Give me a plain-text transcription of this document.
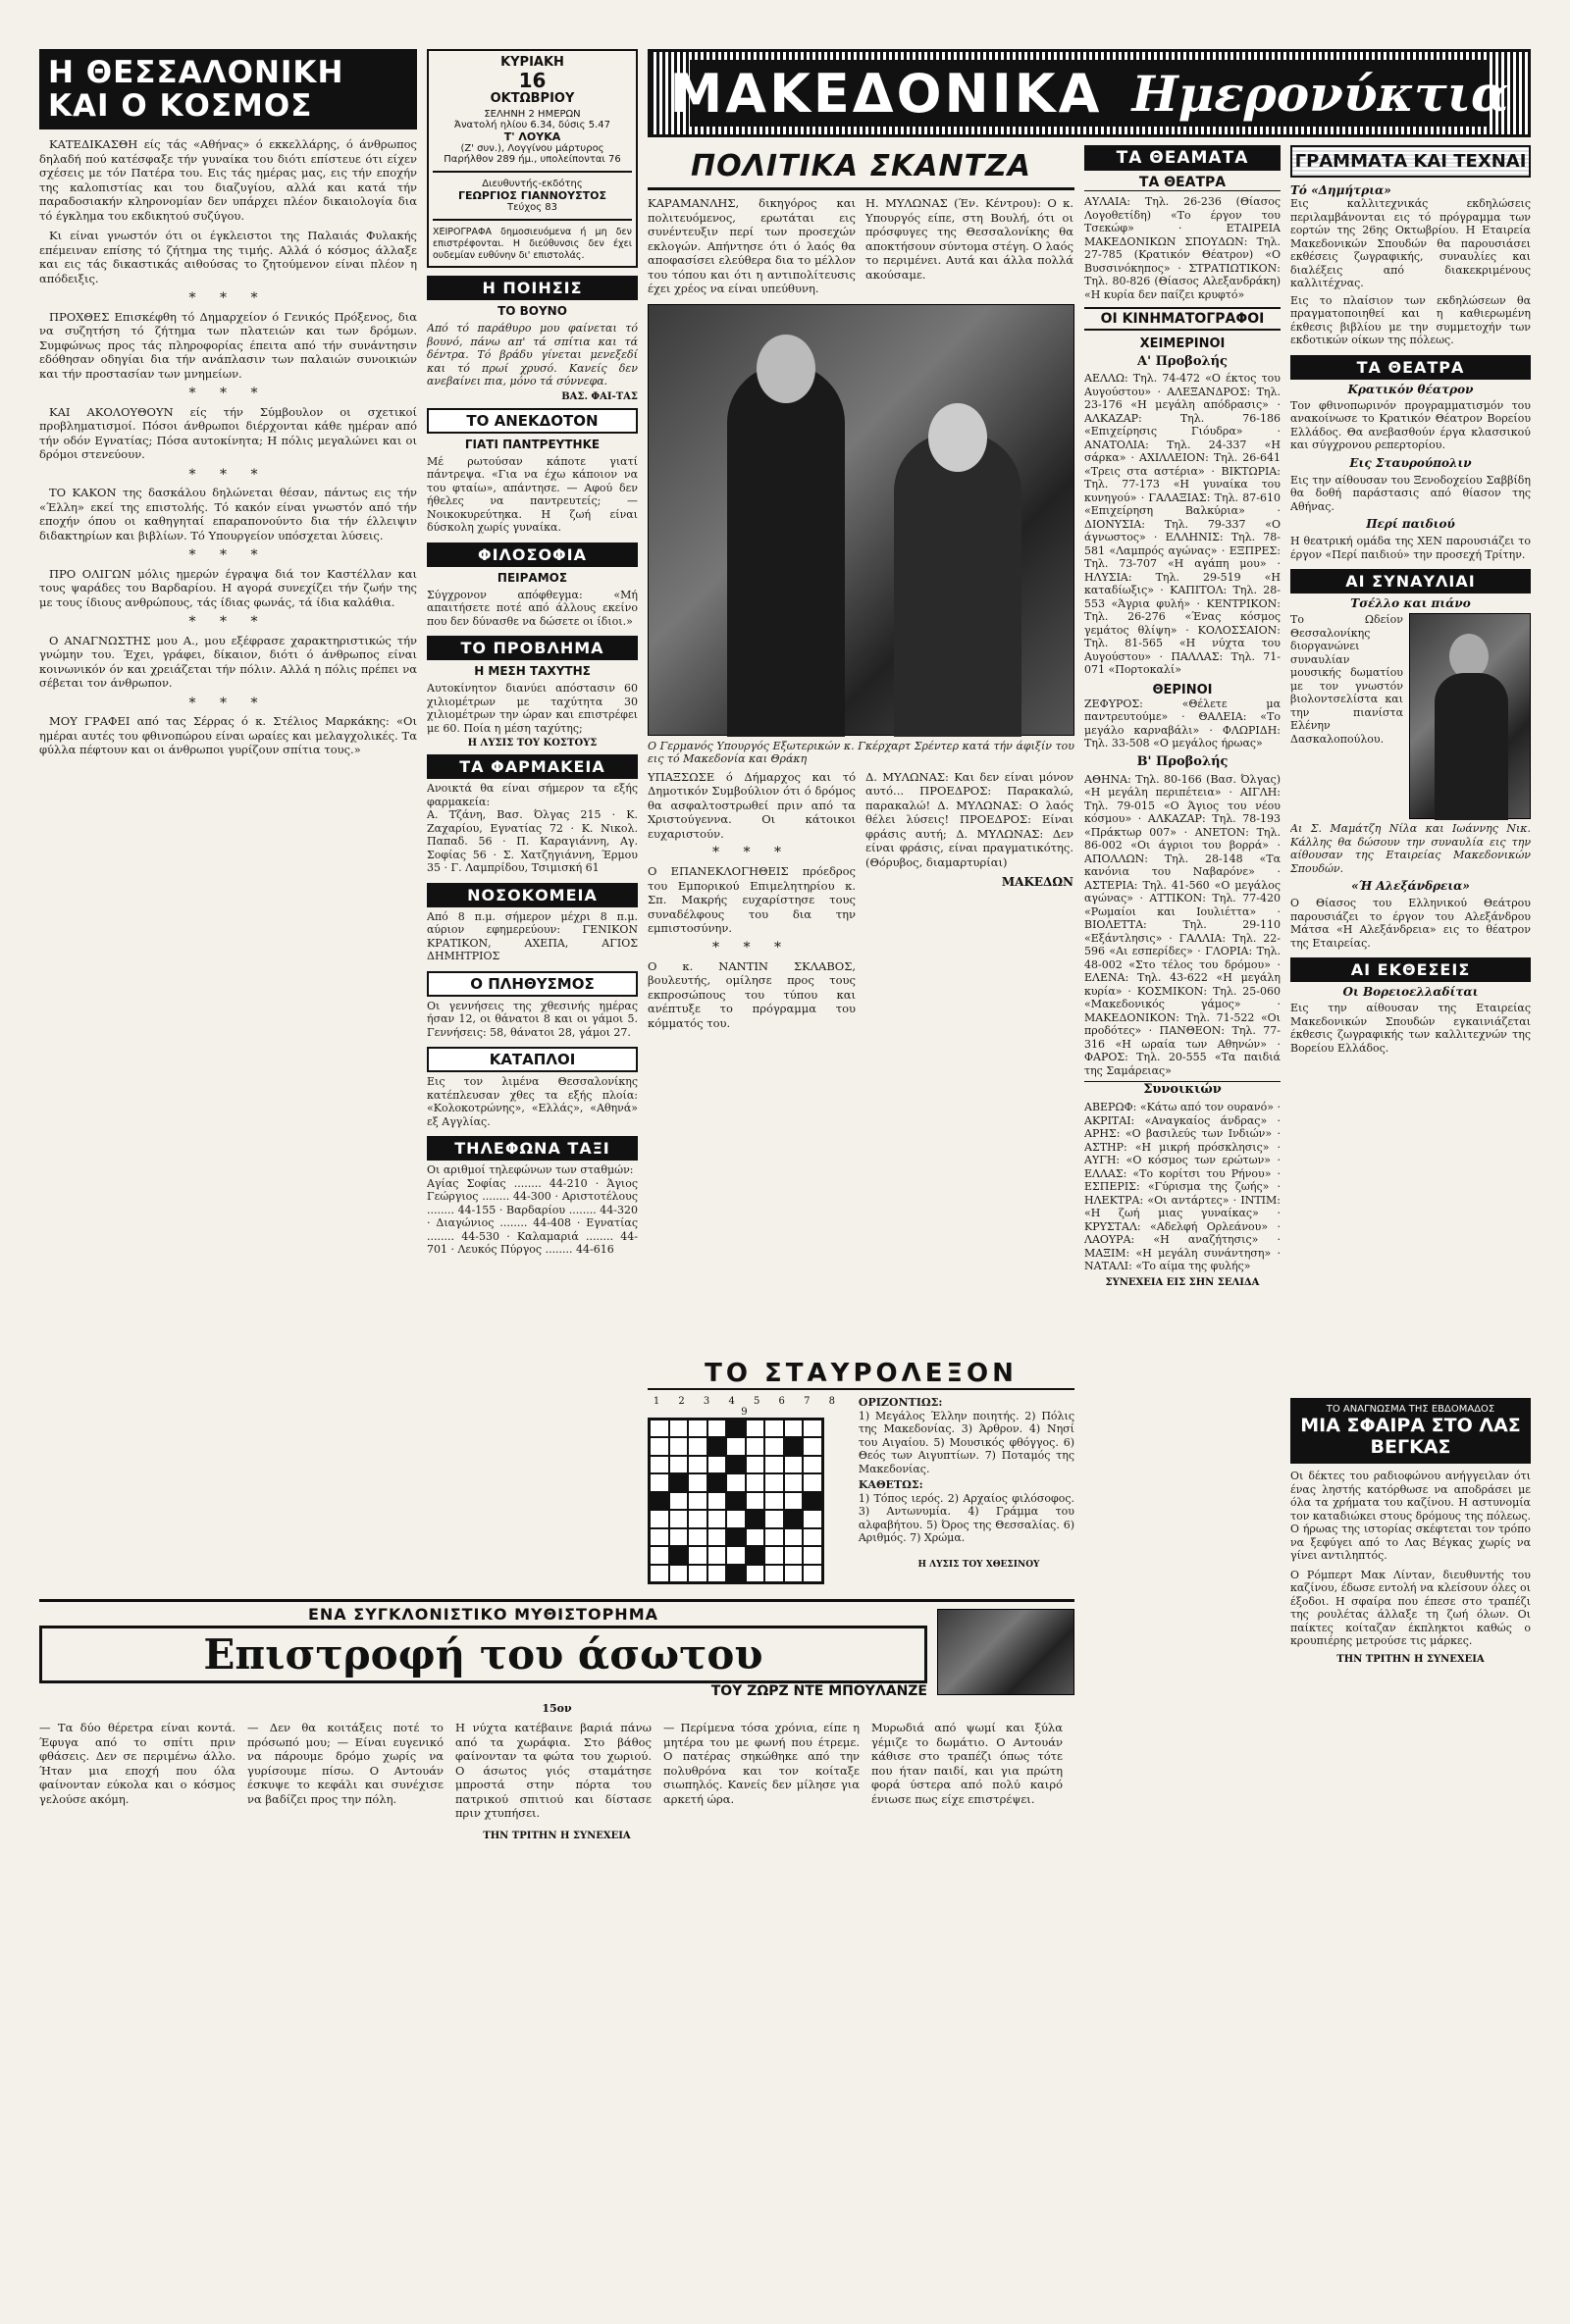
Η ΘΕΣΣΑΛΟΝΙΚΗ
ΚΑΙ Ο ΚΟΣΜΟΣ

ΚΑΤΕΔΙΚΑΣΘΗ είς τάς «Αθήνας» ό εκκελλάρης, ό άνθρωπος δηλαδή πού κατέσφαξε τήν γυναίκα του διότι επίστευε ότι είχεν σχέσεις με τόν Πατέρα του. Εις τάς ημέρας μας, εις τήν εποχήν της καλοπιστίας και του διαζυγίου, αλλά και κατά τήν παραδοσιακήν κληρονομίαν δεν υπάρχει πλέον δικαιολογία δια τό έγκλημα του εκδικητού συζύγου.

Κι είναι γνωστόν ότι οι έγκλειστοι της Παλαιάς Φυλακής επέμειναν επίσης τό ζήτημα της τιμής. Αλλά ό κόσμος άλλαξε και εις τάς δικαστικάς αιθούσας το ζητούμενον είναι πλέον η απόδειξις.

* * *

ΠΡΟΧΘΕΣ Επισκέφθη τό Δημαρχείον ό Γενικός Πρόξενος, δια να συζητήση τό ζήτημα των πλατειών και των δρόμων. Συμφώνως προς τάς πληροφορίας έπειτα από τήν συνάντησιν εδόθησαν οδηγίαι δια τήν ανάπλασιν των παλαιών συνοικιών και τήν προστασίαν των μνημείων.

* * *

ΚΑΙ ΑΚΟΛΟΥΘΟΥΝ είς τήν Σύμβουλον οι σχετικοί προβληματισμοί. Πόσοι άνθρωποι διέρχονται κάθε ημέραν από τήν οδόν Εγνατίας; Πόσα αυτοκίνητα; Η πόλις μεγαλώνει και οι δρόμοι στενεύουν.

* * *

ΤΟ ΚΑΚΟΝ της δασκάλου δηλώνεται θέσαν, πάντως εις τήν «Έλλη» εκεί της επιστολής. Τό κακόν είναι γνωστόν από τήν εποχήν όπου οι καθηγηταί επαραπονούντο δια τήν έλλειψιν διδακτηρίων και βιβλίων. Τό Υπουργείον υπόσχεται λύσεις.

* * *

ΠΡΟ ΟΛΙΓΩΝ μόλις ημερών έγραψα διά τον Καστέλλαν και τους ψαράδες του Βαρδαρίου. Η αγορά συνεχίζει τήν ζωήν της με τους ίδιους ανθρώπους, τάς ίδιας φωνάς, τά ίδια καλάθια.

* * *

Ο ΑΝΑΓΝΩΣΤΗΣ μου Α., μου εξέφρασε χαρακτηριστικώς τήν γνώμην του. Έχει, γράφει, δίκαιον, διότι ό άνθρωπος είναι κοινωνικόν όν και χρειάζεται τήν πόλιν. Αλλά η πόλις πρέπει να σέβεται τον άνθρωπον.

* * *

ΜΟΥ ΓΡΑΦΕΙ από τας Σέρρας ό κ. Στέλιος Μαρκάκης: «Οι ημέραι αυτές του φθινοπώρου είναι ωραίες και μελαγχολικές. Τα φύλλα πέφτουν και οι άνθρωποι γυρίζουν σπίτια τους.»

ΚΥΡΙΑΚΗ
16
ΟΚΤΩΒΡΙΟΥ
ΣΕΛΗΝΗ 2 ΗΜΕΡΩΝ
Άνατολή ηλίου 6.34, δύσις 5.47
Τ' ΛΟΥΚΑ
(Ζ' συν.), Λογγίνου μάρτυρος
Παρήλθον 289 ήμ., υπολείπονται 76
Διευθυντής-εκδότης
ΓΕΩΡΓΙΟΣ ΓΙΑΝΝΟΥΣΤΟΣ
Τεύχος 83
ΧΕΙΡΟΓΡΑΦΑ δημοσιευόμενα ή μη δεν επιστρέφονται. Η διεύθυνσις δεν έχει ουδεμίαν ευθύνην δι' επιστολάς.
Η ΠΟΙΗΣΙΣ
ΤΟ ΒΟΥΝΟ
Από τό παράθυρο μου φαίνεται τό βουνό, πάνω απ' τά σπίτια και τά δέντρα. Τό βράδυ γίνεται μενεξεδί και τό πρωί χρυσό. Κανείς δεν ανεβαίνει πια, μόνο τά σύννεφα.
ΒΑΣ. ΦΑΙ-ΤΑΣ
ΤΟ ΑΝΕΚΔΟΤΟΝ
ΓΙΑΤΙ ΠΑΝΤΡΕΥΤΗΚΕ
Μέ ρωτούσαν κάποτε γιατί πάντρεψα. «Για να έχω κάποιον να του φταίω», απάντησε. — Αφού δεν ήθελες να παντρευτείς; — Νοικοκυρεύτηκα. Η ζωή είναι δύσκολη χωρίς γυναίκα.
ΦΙΛΟΣΟΦΙΑ
ΠΕΙΡΑΜΟΣ
Σύγχρονον απόφθεγμα: «Μή απαιτήσετε ποτέ από άλλους εκείνο που δεν δύνασθε να δώσετε οι ίδιοι.»
ΤΟ ΠΡΟΒΛΗΜΑ
Η ΜΕΣΗ ΤΑΧΥΤΗΣ
Αυτοκίνητον διανύει απόστασιν 60 χιλιομέτρων με ταχύτητα 30 χιλιομέτρων την ώραν και επιστρέφει με 60. Ποία η μέση ταχύτης;
Η ΛΥΣΙΣ ΤΟΥ ΚΟΣΤΟΥΣ
ΤΑ ΦΑΡΜΑΚΕΙΑ
Ανοικτά θα είναι σήμερον τα εξής φαρμακεία:
Α. Τζάνη, Βασ. Όλγας 215 · Κ. Ζαχαρίου, Εγνατίας 72 · Κ. Νικολ. Παπαδ. 56 · Π. Καραγιάννη, Αγ. Σοφίας 56 · Σ. Χατζηγιάννη, Έρμου 35 · Γ. Λαμπρίδου, Τσιμισκή 61
ΝΟΣΟΚΟΜΕΙΑ
Από 8 π.μ. σήμερον μέχρι 8 π.μ. αύριον εφημερεύουν: ΓΕΝΙΚΟΝ ΚΡΑΤΙΚΟΝ, ΑΧΕΠΑ, ΑΓΙΟΣ ΔΗΜΗΤΡΙΟΣ
Ο ΠΛΗΘΥΣΜΟΣ
Οι γεννήσεις της χθεσινής ημέρας ήσαν 12, οι θάνατοι 8 και οι γάμοι 5. Γεννήσεις: 58, θάνατοι 28, γάμοι 27.
ΚΑΤΑΠΛΟΙ
Εις τον λιμένα Θεσσαλονίκης κατέπλευσαν χθες τα εξής πλοία: «Κολοκοτρώνης», «Ελλάς», «Αθηνά» εξ Αγγλίας.
ΤΗΛΕΦΩΝΑ ΤΑΞΙ
Οι αριθμοί τηλεφώνων των σταθμών:
Αγίας Σοφίας ........ 44-210 · Άγιος Γεώργιος ........ 44-300 · Αριστοτέλους ........ 44-155 · Βαρδαρίου ........ 44-320 · Διαγώνιος ........ 44-408 · Εγνατίας ........ 44-530 · Καλαμαριά ........ 44-701 · Λευκός Πύργος ........ 44-616
ΜΑΚΕΔΟΝΙΚΑ Ημερονύκτια
ΠΟΛΙΤΙΚΑ ΣΚΑΝΤΖΑ
ΚΑΡΑΜΑΝΛΗΣ, δικηγόρος και πολιτευόμενος, ερωτάται εις συνέντευξιν περί των προσεχών εκλογών. Απήντησε ότι ό λαός θα αποφασίσει ελεύθερα δια το μέλλον του τόπου και ότι η αντιπολίτευσις έχει χρέος να είναι υπεύθυνη.
Η. ΜΥΛΩΝΑΣ (Έν. Κέντρου): Ο κ. Υπουργός είπε, στη Βουλή, ότι οι πρόσφυγες της Θεσσαλονίκης θα αποκτήσουν σύντομα στέγη. Ο λαός το περιμένει. Αυτά και άλλα πολλά ακούσαμε.
Ο Γερμανός Υπουργός Εξωτερικών κ. Γκέρχαρτ Σρέντερ κατά τήν άφιξίν του εις τό Μακεδονία και Θράκη
ΥΠΑΞΣΩΣΕ ό Δήμαρχος και τό Δημοτικόν Συμβούλιον ότι ό δρόμος θα ασφαλτοστρωθεί πριν από τα Χριστούγεννα. Οι κάτοικοι ευχαριστούν.
* * *
Ο ΕΠΑΝΕΚΛΟΓΗΘΕΙΣ πρόεδρος του Εμπορικού Επιμελητηρίου κ. Σπ. Μακρής ευχαρίστησε τους συναδέλφους του δια την εμπιστοσύνην.
* * *
Ο κ. ΝΑΝΤΙΝ ΣΚΛΑΒΟΣ, βουλευτής, ομίλησε προς τους εκπροσώπους του τύπου και ανέπτυξε το πρόγραμμα του κόμματός του.
Δ. ΜΥΛΩΝΑΣ: Και δεν είναι μόνον αυτό... ΠΡΟΕΔΡΟΣ: Παρακαλώ, παρακαλώ! Δ. ΜΥΛΩΝΑΣ: Ο λαός θέλει λύσεις! ΠΡΟΕΔΡΟΣ: Είναι φράσις αυτή; Δ. ΜΥΛΩΝΑΣ: Δεν είναι φράσις, είναι πραγματικότης. (Θόρυβος, διαμαρτυρίαι)
ΜΑΚΕΔΩΝ
ΤΟ ΣΤΑΥΡΟΛΕΞΟΝ
1 2 3 4 5 6 7 8 9
ΟΡΙΖΟΝΤΙΩΣ:
1) Μεγάλος Έλλην ποιητής. 2) Πόλις της Μακεδονίας. 3) Άρθρον. 4) Νησί του Αιγαίου. 5) Μουσικός φθόγγος. 6) Θεός των Αιγυπτίων. 7) Ποταμός της Μακεδονίας.
ΚΑΘΕΤΩΣ:
1) Τόπος ιερός. 2) Αρχαίος φιλόσοφος. 3) Αντωνυμία. 4) Γράμμα του αλφαβήτου. 5) Όρος της Θεσσαλίας. 6) Αριθμός. 7) Χρώμα.
ΤΑ ΘΕΑΜΑΤΑ
ΤΑ ΘΕΑΤΡΑ
ΑΥΛΑΙΑ: Τηλ. 26-236 (Θίασος Λογοθετίδη) «Το έργον του Τσεκώφ» · ΕΤΑΙΡΕΙΑ ΜΑΚΕΔΟΝΙΚΩΝ ΣΠΟΥΔΩΝ: Τηλ. 27-785 (Κρατικόν Θέατρον) «Ο Βυσσινόκηπος» · ΣΤΡΑΤΙΩΤΙΚΟΝ: Τηλ. 80-826 (Θίασος Αλεξανδράκη) «Η κυρία δεν παίζει κρυφτό»
ΟΙ ΚΙΝΗΜΑΤΟΓΡΑΦΟΙ
ΧΕΙΜΕΡΙΝΟΙ
Α' Προβολής
ΑΕΛΛΩ: Τηλ. 74-472 «Ο έκτος του Αυγούστου» · ΑΛΕΞΑΝΔΡΟΣ: Τηλ. 23-176 «Η μεγάλη απόδρασις» · ΑΛΚΑΖΑΡ: Τηλ. 76-186 «Επιχείρησις Γιόυδρα» · ΑΝΑΤΟΛΙΑ: Τηλ. 24-337 «Η σάρκα» · ΑΧΙΛΛΕΙΟΝ: Τηλ. 26-641 «Τρεις στα αστέρια» · ΒΙΚΤΩΡΙΑ: Τηλ. 77-173 «Η γυναίκα του κυνηγού» · ΓΑΛΑΞΙΑΣ: Τηλ. 87-610 «Επιχείρηση Βαλκύρια» · ΔΙΟΝΥΣΙΑ: Τηλ. 79-337 «Ο άγνωστος» · ΕΛΛΗΝΙΣ: Τηλ. 78-581 «Λαμπρός αγώνας» · ΕΞΠΡΕΣ: Τηλ. 73-707 «Η αγάπη μου» · ΗΛΥΣΙΑ: Τηλ. 29-519 «Η καταδίωξις» · ΚΑΠΙΤΟΛ: Τηλ. 28-553 «Άγρια φυλή» · ΚΕΝΤΡΙΚΟΝ: Τηλ. 26-276 «Ένας κόσμος γεμάτος θλίψη» · ΚΟΛΟΣΣΑΙΟΝ: Τηλ. 81-565 «Η νύχτα του Αυγούστου» · ΠΑΛΛΑΣ: Τηλ. 71-071 «Πορτοκαλί»
ΘΕΡΙΝΟΙ
ΖΕΦΥΡΟΣ: «Θέλετε μα παντρευτούμε» · ΘΑΛΕΙΑ: «Το μεγάλο καρναβάλι» · ΦΛΩΡΙΔΗ: Τηλ. 33-508 «Ο μεγάλος ήρωας»
Β' Προβολής
ΑΘΗΝΑ: Τηλ. 80-166 (Βασ. Όλγας) «Η μεγάλη περιπέτεια» · ΑΙΓΛΗ: Τηλ. 79-015 «Ο Άγιος του νέου κόσμου» · ΑΛΚΑΖΑΡ: Τηλ. 78-193 «Πράκτωρ 007» · ΑΝΕΤΟΝ: Τηλ. 86-002 «Οι άγριοι του βορρά» · ΑΠΟΛΛΩΝ: Τηλ. 28-148 «Τα κανόνια του Ναβαρόνε» · ΑΣΤΕΡΙΑ: Τηλ. 41-560 «Ο μεγάλος αγώνας» · ΑΤΤΙΚΟΝ: Τηλ. 77-420 «Ρωμαίοι και Ιουλιέττα» · ΒΙΟΛΕΤΤΑ: Τηλ. 29-110 «Εξάντλησις» · ΓΑΛΛΙΑ: Τηλ. 22-596 «Αι εσπερίδες» · ΓΛΟΡΙΑ: Τηλ. 48-002 «Στο τέλος του δρόμου» · ΕΛΕΝΑ: Τηλ. 43-622 «Η μεγάλη κυρία» · ΚΟΣΜΙΚΟΝ: Τηλ. 25-060 «Μακεδονικός γάμος» · ΜΑΚΕΔΟΝΙΚΟΝ: Τηλ. 71-522 «Οι προδότες» · ΠΑΝΘΕΟΝ: Τηλ. 77-316 «Η ωραία των Αθηνών» · ΦΑΡΟΣ: Τηλ. 20-555 «Τα παιδιά της Σαμάρειας»
Συνοικιών
ΑΒΕΡΩΦ: «Κάτω από τον ουρανό» · ΑΚΡΙΤΑΙ: «Αναγκαίος άνδρας» · ΑΡΗΣ: «Ο βασιλεύς των Ινδιών» · ΑΣΤΗΡ: «Η μικρή πρόσκλησις» · ΑΥΓΗ: «Ο κόσμος των ερώτων» · ΕΛΛΑΣ: «Το κορίτσι του Ρήνου» · ΕΣΠΕΡΙΣ: «Γύρισμα της ζωής» · ΗΛΕΚΤΡΑ: «Οι αντάρτες» · ΙΝΤΙΜ: «Η ζωή μιας γυναίκας» · ΚΡΥΣΤΑΛ: «Αδελφή Ορλεάνου» · ΛΑΟΥΡΑ: «Η αναζήτησις» · ΜΑΞΙΜ: «Η μεγάλη συνάντηση» · ΝΑΤΑΛΙ: «Το αίμα της φυλής»
ΣΥΝΕΧΕΙΑ ΕΙΣ ΣΗΝ ΣΕΛΙΔΑ
ΓΡΑΜΜΑΤΑ ΚΑΙ ΤΕΧΝΑΙ
Τό «Δημήτρια»
Εις καλλιτεχνικάς εκδηλώσεις περιλαμβάνονται εις τό πρόγραμμα των εορτών της 26ης Οκτωβρίου. Η Εταιρεία Μακεδονικών Σπουδών θα παρουσιάσει εκθέσεις ζωγραφικής, συναυλίες και διαλέξεις από διακεκριμένους καλλιτέχνας.
Εις το πλαίσιον των εκδηλώσεων θα πραγματοποιηθεί και η καθιερωμένη έκθεσις βιβλίου με την συμμετοχήν των εκδοτικών οίκων της πόλεως.
ΤΑ ΘΕΑΤΡΑ
Κρατικόν θέατρον
Τον φθινοπωρινόν προγραμματισμόν του ανακοίνωσε το Κρατικόν Θέατρον Βορείου Ελλάδος. Θα ανεβασθούν έργα κλασσικού και σύγχρονου ρεπερτορίου.
Εις Σταυρούπολιν
Εις την αίθουσαν του Ξενοδοχείου Σαββίδη θα δοθή παράστασις από θίασον της Αθήνας.
Περί παιδιού
Η θεατρική ομάδα της ΧΕΝ παρουσιάζει το έργον «Περί παιδιού» την προσεχή Τρίτην.
ΑΙ ΣΥΝΑΥΛΙΑΙ
Τσέλλο και πιάνο
Το Ωδείον Θεσσαλονίκης διοργανώνει συναυλίαν μουσικής δωματίου με τον γνωστόν βιολοντσελίστα και την πιανίστα Ελένην Δασκαλοπούλου.
Αι Σ. Μαμάτζη Νίλα και Ιωάννης Νικ. Κάλλης θα δώσουν την συναυλία εις την αίθουσαν της Εταιρείας Μακεδονικών Σπουδών.
«Ή Αλεξάνδρεια»
Ο Θίασος του Ελληνικού Θεάτρου παρουσιάζει το έργον του Αλεξάνδρου Μάτσα «Η Αλεξάνδρεια» εις το θέατρον της Εταιρείας.
ΑΙ ΕΚΘΕΣΕΙΣ
Οι Βορειοελλαδίται
Εις την αίθουσαν της Εταιρείας Μακεδονικών Σπουδών εγκαινιάζεται έκθεσις ζωγραφικής των καλλιτεχνών της Βορείου Ελλάδος.
ΤΟ ΑΝΑΓΝΩΣΜΑ ΤΗΣ ΕΒΔΟΜΑΔΟΣ
ΜΙΑ ΣΦΑΙΡΑ ΣΤΟ ΛΑΣ ΒΕΓΚΑΣ
Οι δέκτες του ραδιοφώνου ανήγγειλαν ότι ένας ληστής κατόρθωσε να αποδράσει με όλα τα χρήματα του καζίνου. Η αστυνομία τον καταδιώκει στους δρόμους της πόλεως. Ο ήρωας της ιστορίας σκέφτεται τον τρόπο να ξεφύγει από το Λας Βέγκας χωρίς να γίνει αντιληπτός.
Ο Ρόμπερτ Μακ Λίνταν, διευθυντής του καζίνου, έδωσε εντολή να κλείσουν όλες οι έξοδοι. Η σφαίρα που έπεσε στο τραπέζι της ρουλέτας άλλαξε τη ζωή όλων. Οι παίκτες κοίταζαν έκπληκτοι καθώς ο κρουπιέρης μετρούσε τις μάρκες.
ΤΗΝ ΤΡΙΤΗΝ Η ΣΥΝΕΧΕΙΑ
ΕΝΑ ΣΥΓΚΛΟΝΙΣΤΙΚΟ ΜΥΘΙΣΤΟΡΗΜΑ
Επιστροφή του άσωτου
ΤΟΥ ΖΩΡΖ ΝΤΕ ΜΠΟΥΛΑΝΖΕ
15ον
— Τα δύο θέρετρα είναι κοντά. Έφυγα από το σπίτι πριν φθάσεις. Δεν σε περιμένω άλλο. Ήταν μια εποχή που όλα φαίνονταν εύκολα και ο κόσμος γελούσε ακόμη.
— Δεν θα κοιτάξεις ποτέ το πρόσωπό μου; — Είναι ευγενικό να πάρουμε δρόμο χωρίς να γυρίσουμε πίσω. Ο Αντουάν έσκυψε το κεφάλι και συνέχισε να βαδίζει προς την πόλη.
Η νύχτα κατέβαινε βαριά πάνω από τα χωράφια. Στο βάθος φαίνονταν τα φώτα του χωριού. Ο άσωτος γιός σταμάτησε μπροστά στην πόρτα του πατρικού σπιτιού και δίστασε πριν χτυπήσει.
— Περίμενα τόσα χρόνια, είπε η μητέρα του με φωνή που έτρεμε. Ο πατέρας σηκώθηκε από την πολυθρόνα και τον κοίταξε σιωπηλός. Κανείς δεν μίλησε για αρκετή ώρα.
Μυρωδιά από ψωμί και ξύλα γέμιζε το δωμάτιο. Ο Αντουάν κάθισε στο τραπέζι όπως τότε που ήταν παιδί, και για πρώτη φορά ύστερα από πολύ καιρό ένιωσε πως είχε επιστρέψει.
ΤΗΝ ΤΡΙΤΗΝ Η ΣΥΝΕΧΕΙΑ
Η ΛΥΣΙΣ ΤΟΥ ΧΘΕΣΙΝΟΥ
